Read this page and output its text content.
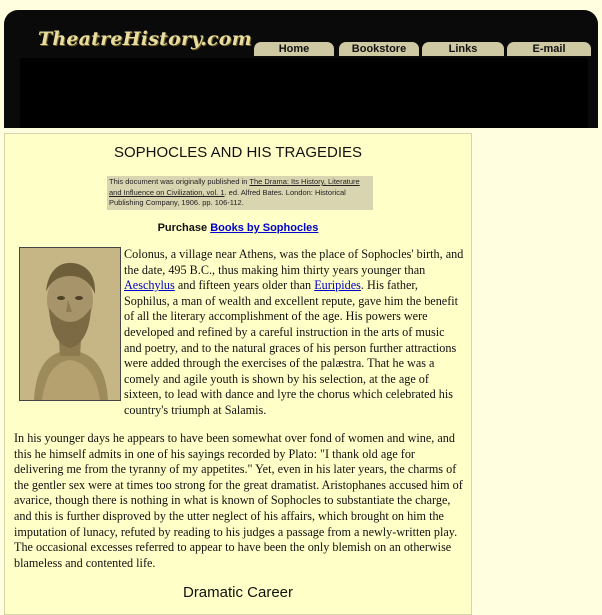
TheatreHistory.com	Home	Bookstore	Links	E-mail
SOPHOCLES AND HIS TRAGEDIES
This document was originally published in The Drama: Its History, Literature and Influence on Civilization, vol. 1. ed. Alfred Bates. London: Historical Publishing Company, 1906. pp. 106-112.
Purchase Books by Sophocles

Colonus, a village near Athens, was the place of Sophocles' birth, and the date, 495 B.C., thus making him thirty years younger than Aeschylus and fifteen years older than Euripides. His father, Sophilus, a man of wealth and excellent repute, gave him the benefit of all the literary accomplishment of the age. His powers were developed and refined by a careful instruction in the arts of music and poetry, and to the natural graces of his person further attractions were added through the exercises of the palæstra. That he was a comely and agile youth is shown by his selection, at the age of sixteen, to lead with dance and lyre the chorus which celebrated his country's triumph at Salamis.

In his younger days he appears to have been somewhat over fond of women and wine, and this he himself admits in one of his sayings recorded by Plato: "I thank old age for delivering me from the tyranny of my appetites." Yet, even in his later years, the charms of the gentler sex were at times too strong for the great dramatist. Aristophanes accused him of avarice, though there is nothing in what is known of Sophocles to substantiate the charge, and this is further disproved by the utter neglect of his affairs, which brought on him the imputation of lunacy, refuted by reading to his judges a passage from a newly-written play. The occasional excesses referred to appear to have been the only blemish on an otherwise blameless and contented life.

Dramatic Career
